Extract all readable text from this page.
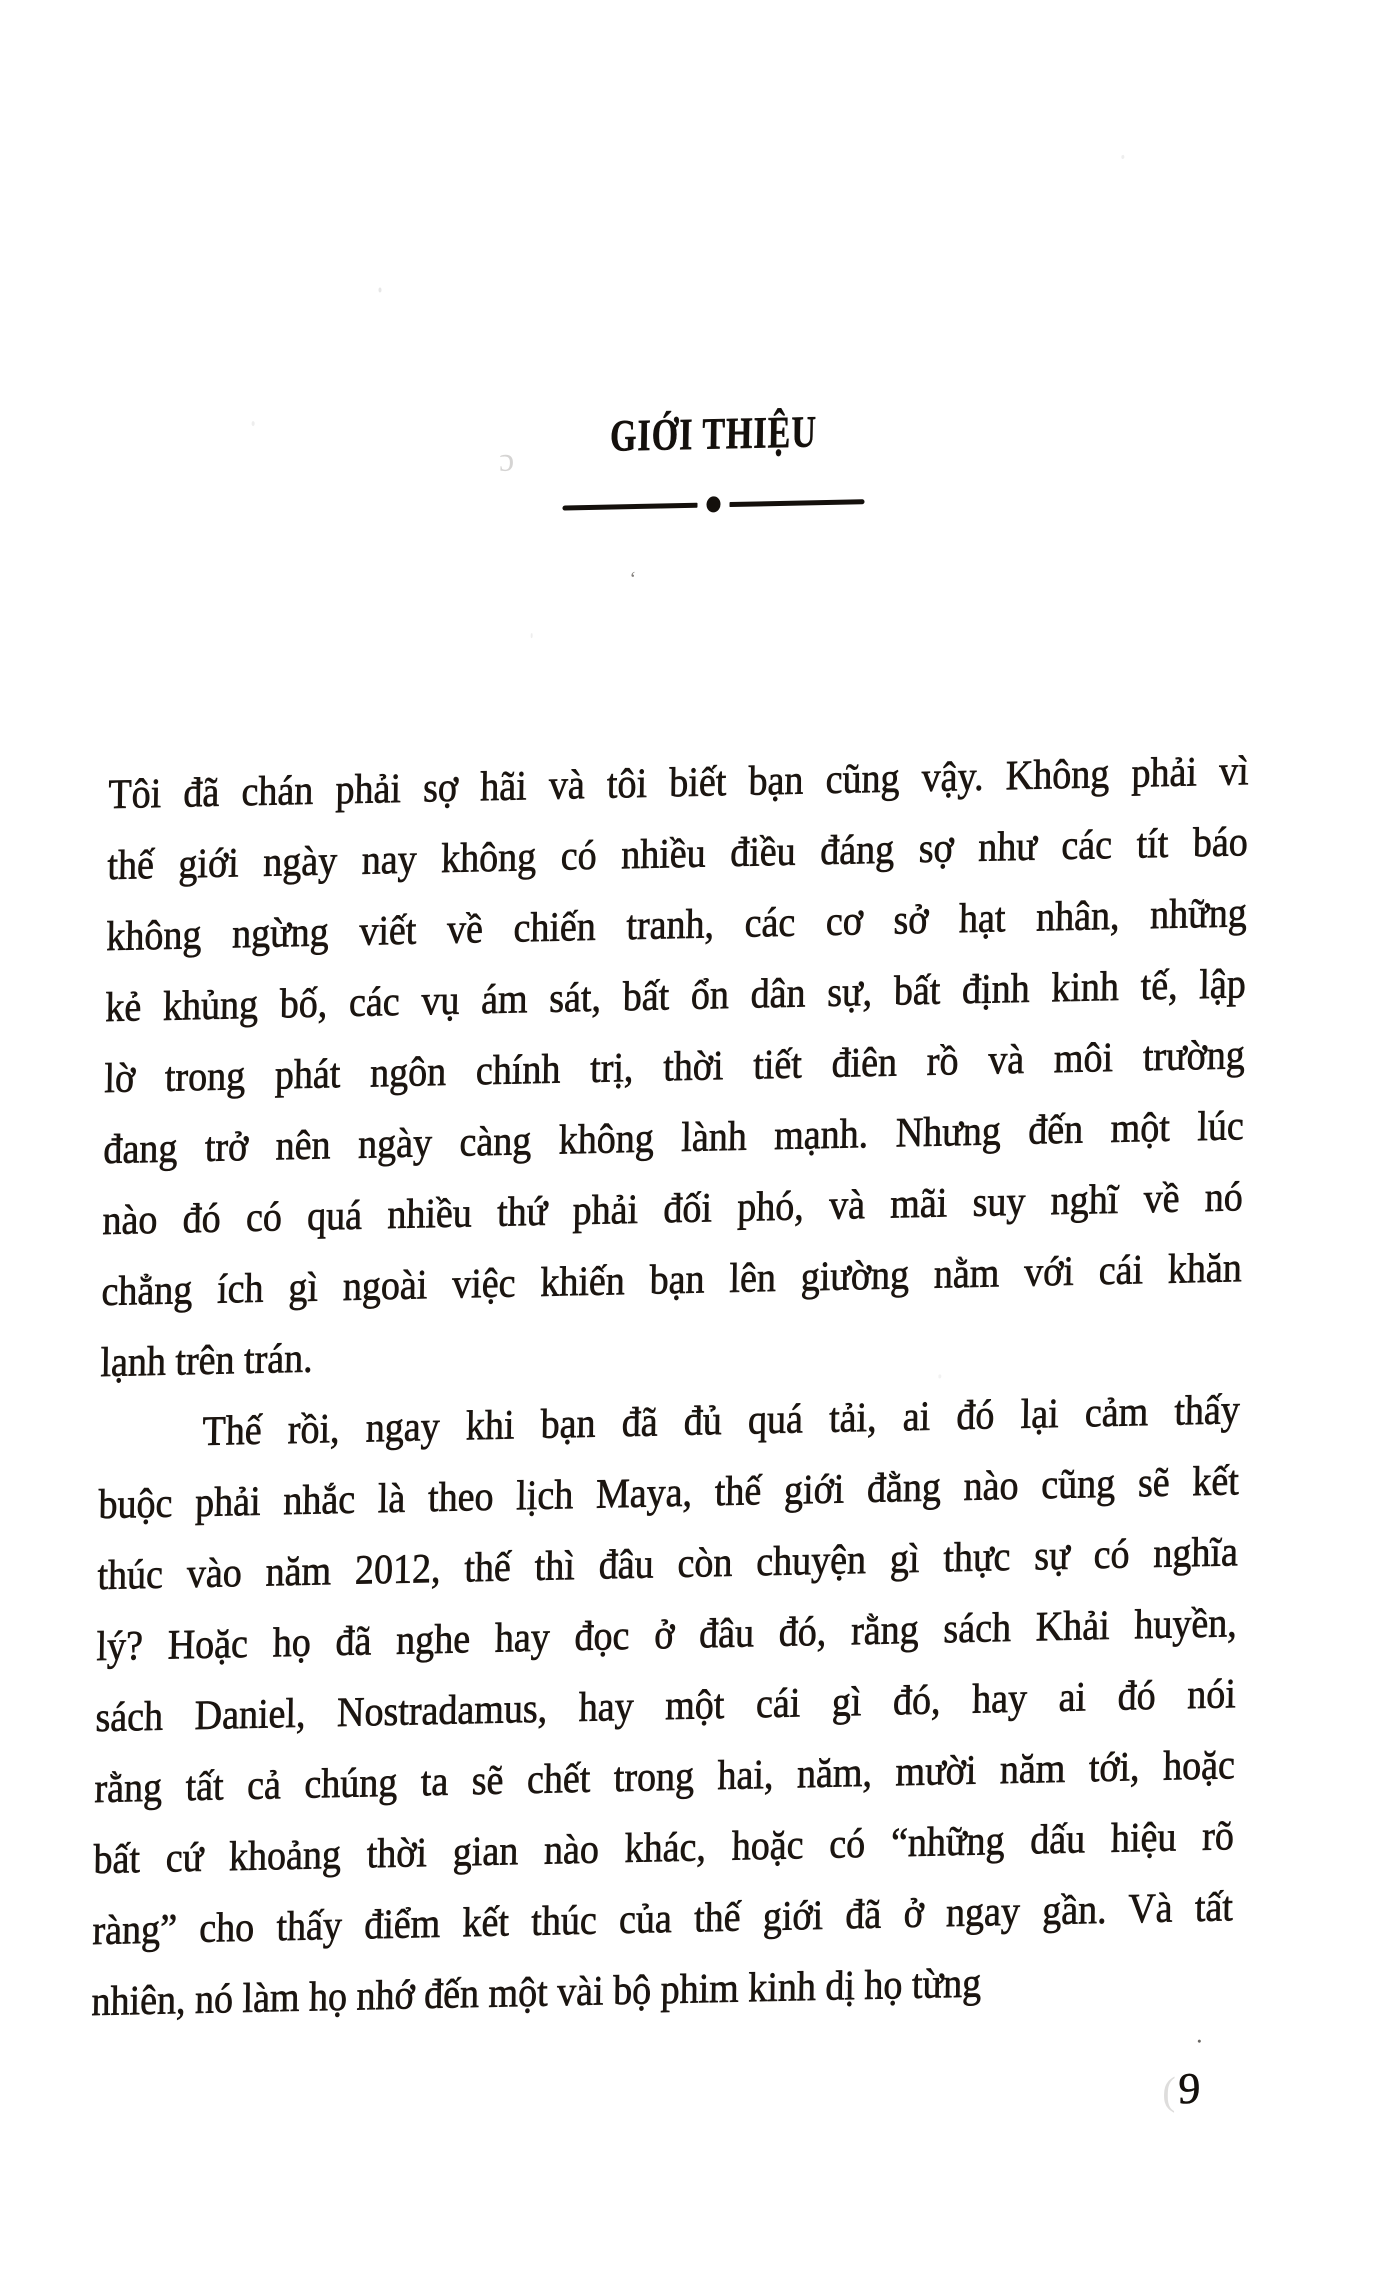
GIỚI THIỆU
Tôi đã chán phải sợ hãi và tôi biết bạn cũng vậy. Không phải vì
thế giới ngày nay không có nhiều điều đáng sợ như các tít báo
không ngừng viết về chiến tranh, các cơ sở hạt nhân, những
kẻ khủng bố, các vụ ám sát, bất ổn dân sự, bất định kinh tế, lập
lờ trong phát ngôn chính trị, thời tiết điên rồ và môi trường
đang trở nên ngày càng không lành mạnh. Nhưng đến một lúc
nào đó có quá nhiều thứ phải đối phó, và mãi suy nghĩ về nó
chẳng ích gì ngoài việc khiến bạn lên giường nằm với cái khăn
lạnh trên trán.
Thế rồi, ngay khi bạn đã đủ quá tải, ai đó lại cảm thấy
buộc phải nhắc là theo lịch Maya, thế giới đằng nào cũng sẽ kết
thúc vào năm 2012, thế thì đâu còn chuyện gì thực sự có nghĩa
lý? Hoặc họ đã nghe hay đọc ở đâu đó, rằng sách Khải huyền,
sách Daniel, Nostradamus, hay một cái gì đó, hay ai đó nói
rằng tất cả chúng ta sẽ chết trong hai, năm, mười năm tới, hoặc
bất cứ khoảng thời gian nào khác, hoặc có “những dấu hiệu rõ
ràng” cho thấy điểm kết thúc của thế giới đã ở ngay gần. Và tất
nhiên, nó làm họ nhớ đến một vài bộ phim kinh dị họ từng
9
ɔ
ʻ
·
(
